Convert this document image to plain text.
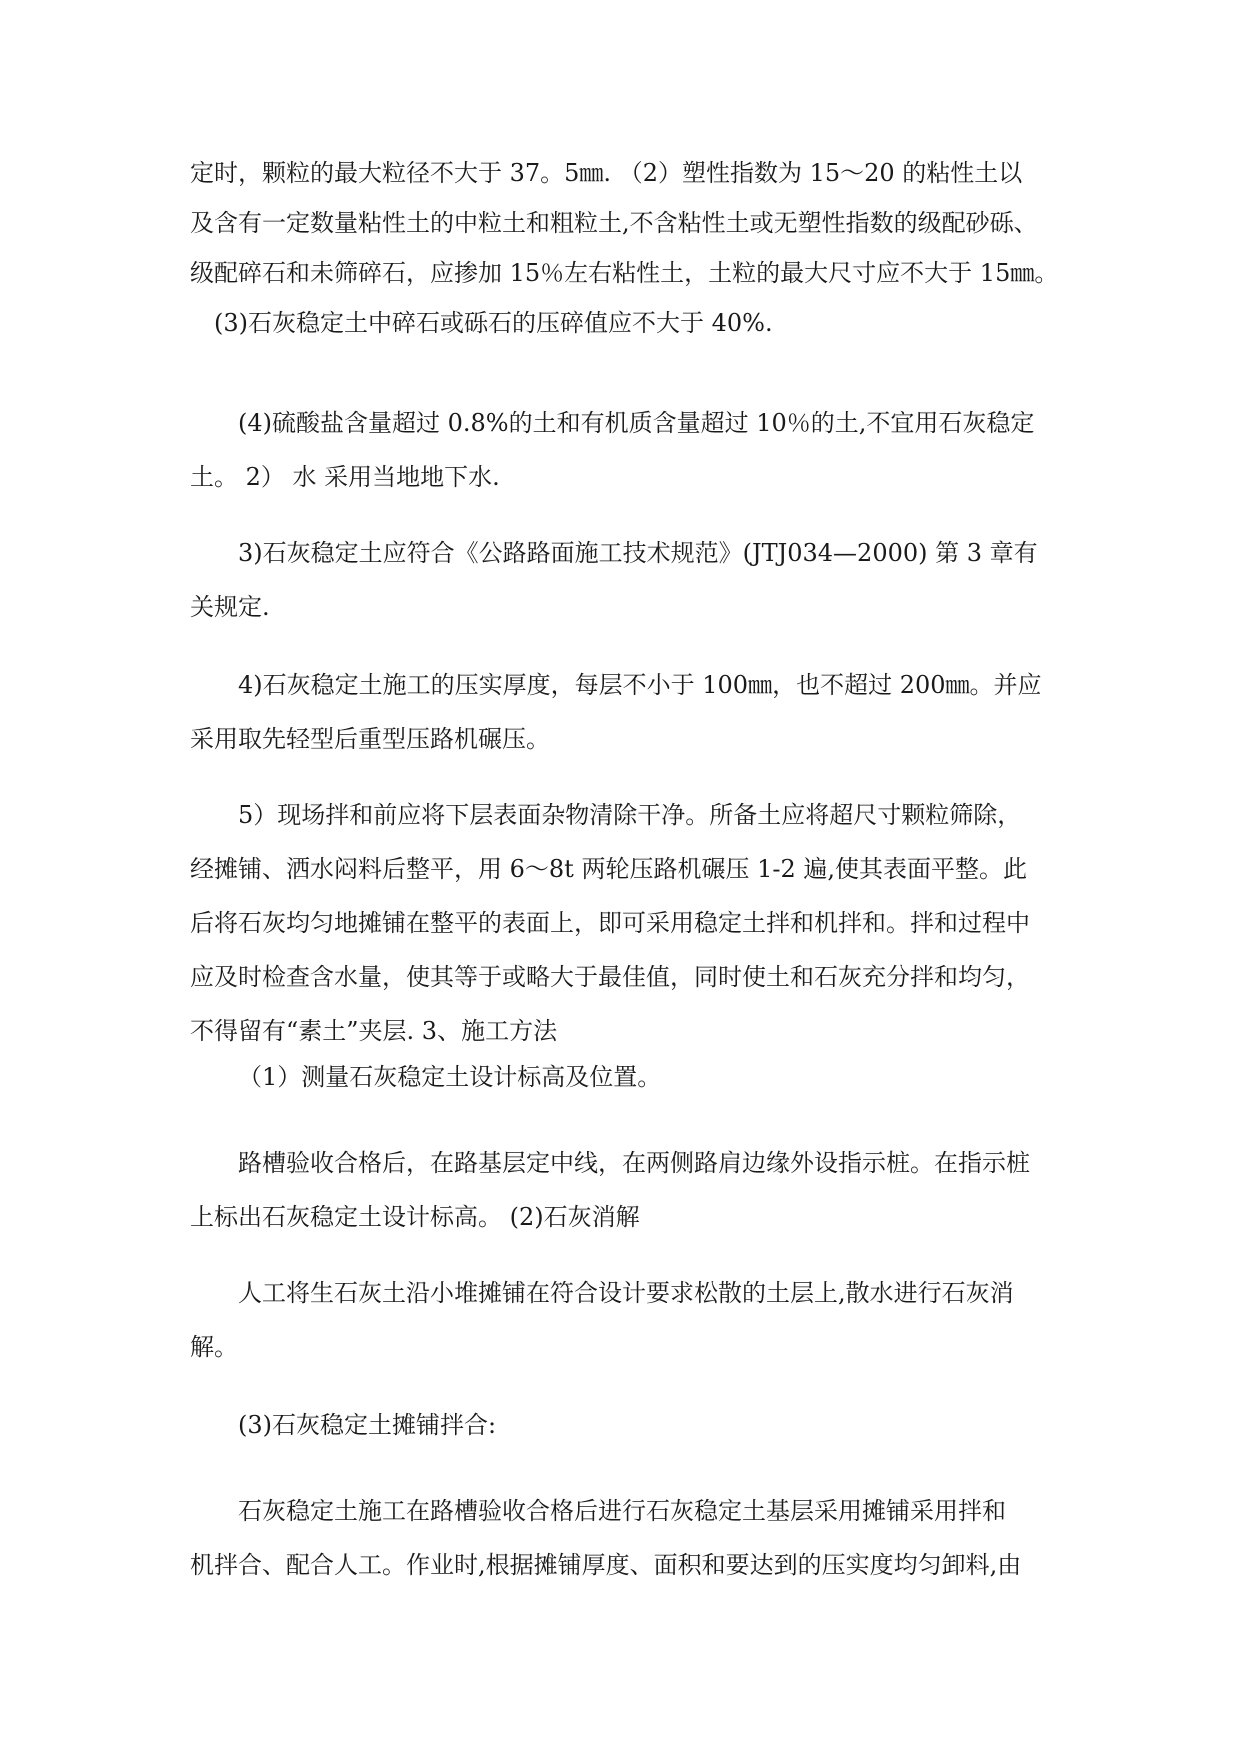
定时，颗粒的最大粒径不大于 37。5㎜. （2）塑性指数为 15～20 的粘性土以
及含有一定数量粘性土的中粒土和粗粒土,不含粘性土或无塑性指数的级配砂砾、
级配碎石和未筛碎石，应掺加 15％左右粘性土，土粒的最大尺寸应不大于 15㎜。
(3)石灰稳定土中碎石或砾石的压碎值应不大于 40%.
(4)硫酸盐含量超过 0.8%的土和有机质含量超过 10％的土,不宜用石灰稳定
土。 2） 水 采用当地地下水.
3)石灰稳定土应符合《公路路面施工技术规范》(JTJ034—2000) 第 3 章有
关规定.
4)石灰稳定土施工的压实厚度，每层不小于 100㎜，也不超过 200㎜。并应
采用取先轻型后重型压路机碾压。
5）现场拌和前应将下层表面杂物清除干净。所备土应将超尺寸颗粒筛除，
经摊铺、洒水闷料后整平，用 6～8t 两轮压路机碾压 1-2 遍,使其表面平整。此
后将石灰均匀地摊铺在整平的表面上，即可采用稳定土拌和机拌和。拌和过程中
应及时检查含水量，使其等于或略大于最佳值，同时使土和石灰充分拌和均匀，
不得留有“素土”夹层. 3、施工方法
（1）测量石灰稳定土设计标高及位置。
路槽验收合格后，在路基层定中线，在两侧路肩边缘外设指示桩。在指示桩
上标出石灰稳定土设计标高。 (2)石灰消解
人工将生石灰土沿小堆摊铺在符合设计要求松散的土层上,散水进行石灰消
解。
(3)石灰稳定土摊铺拌合:
石灰稳定土施工在路槽验收合格后进行石灰稳定土基层采用摊铺采用拌和
机拌合、配合人工。作业时,根据摊铺厚度、面积和要达到的压实度均匀卸料,由
